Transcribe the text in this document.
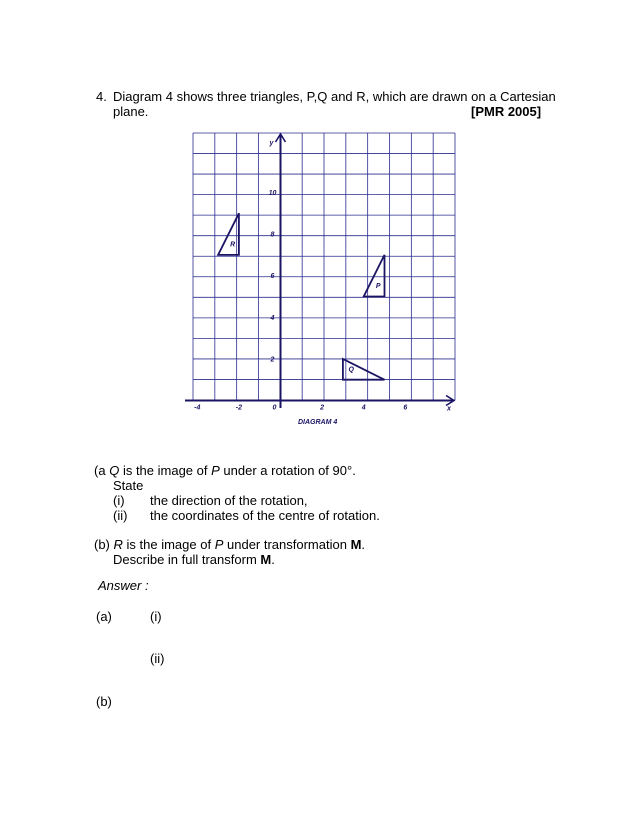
4. Diagram 4 shows three triangles, P,Q and R, which are drawn on a Cartesian
plane.	[PMR 2005]
y
x
0
-4	-2	2	4	6
2
4
6
8
10
P
Q
R
DIAGRAM 4
(a Q is the image of P under a rotation of 90°.
State
(i) the direction of the rotation,
(ii) the coordinates of the centre of rotation.
(b) R is the image of P under transformation M.
Describe in full transform M.
Answer :
(a)	(i)
(ii)
(b)
